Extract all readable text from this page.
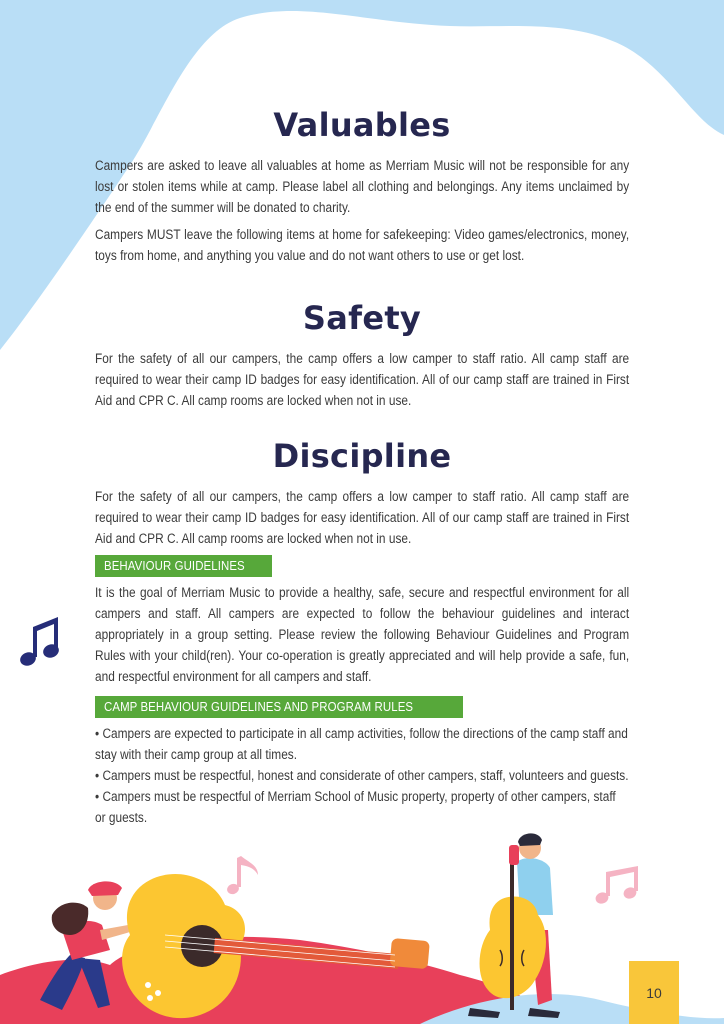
Valuables

Campers are asked to leave all valuables at home as Merriam Music will not be responsible for any lost or stolen items while at camp. Please label all clothing and belongings. Any items unclaimed by the end of the summer will be donated to charity.

Campers MUST leave the following items at home for safekeeping: Video games/electronics, money, toys from home, and anything you value and do not want others to use or get lost.

Safety

For the safety of all our campers, the camp offers a low camper to staff ratio. All camp staff are required to wear their camp ID badges for easy identification. All of our camp staff are trained in First Aid and CPR C. All camp rooms are locked when not in use.

Discipline

For the safety of all our campers, the camp offers a low camper to staff ratio. All camp staff are required to wear their camp ID badges for easy identification. All of our camp staff are trained in First Aid and CPR C. All camp rooms are locked when not in use.

BEHAVIOUR GUIDELINES

It is the goal of Merriam Music to provide a healthy, safe, secure and respectful environment for all campers and staff. All campers are expected to follow the behaviour guidelines and interact appropriately in a group setting. Please review the following Behaviour Guidelines and Program Rules with your child(ren). Your co-operation is greatly appreciated and will help provide a safe, fun, and respectful environment for all campers and staff.

CAMP BEHAVIOUR GUIDELINES AND PROGRAM RULES
• Campers are expected to participate in all camp activities, follow the directions of the camp staff and stay with their camp group at all times.
• Campers must be respectful, honest and considerate of other campers, staff, volunteers and guests.
• Campers must be respectful of Merriam School of Music property, property of other campers, staff or guests.
10
